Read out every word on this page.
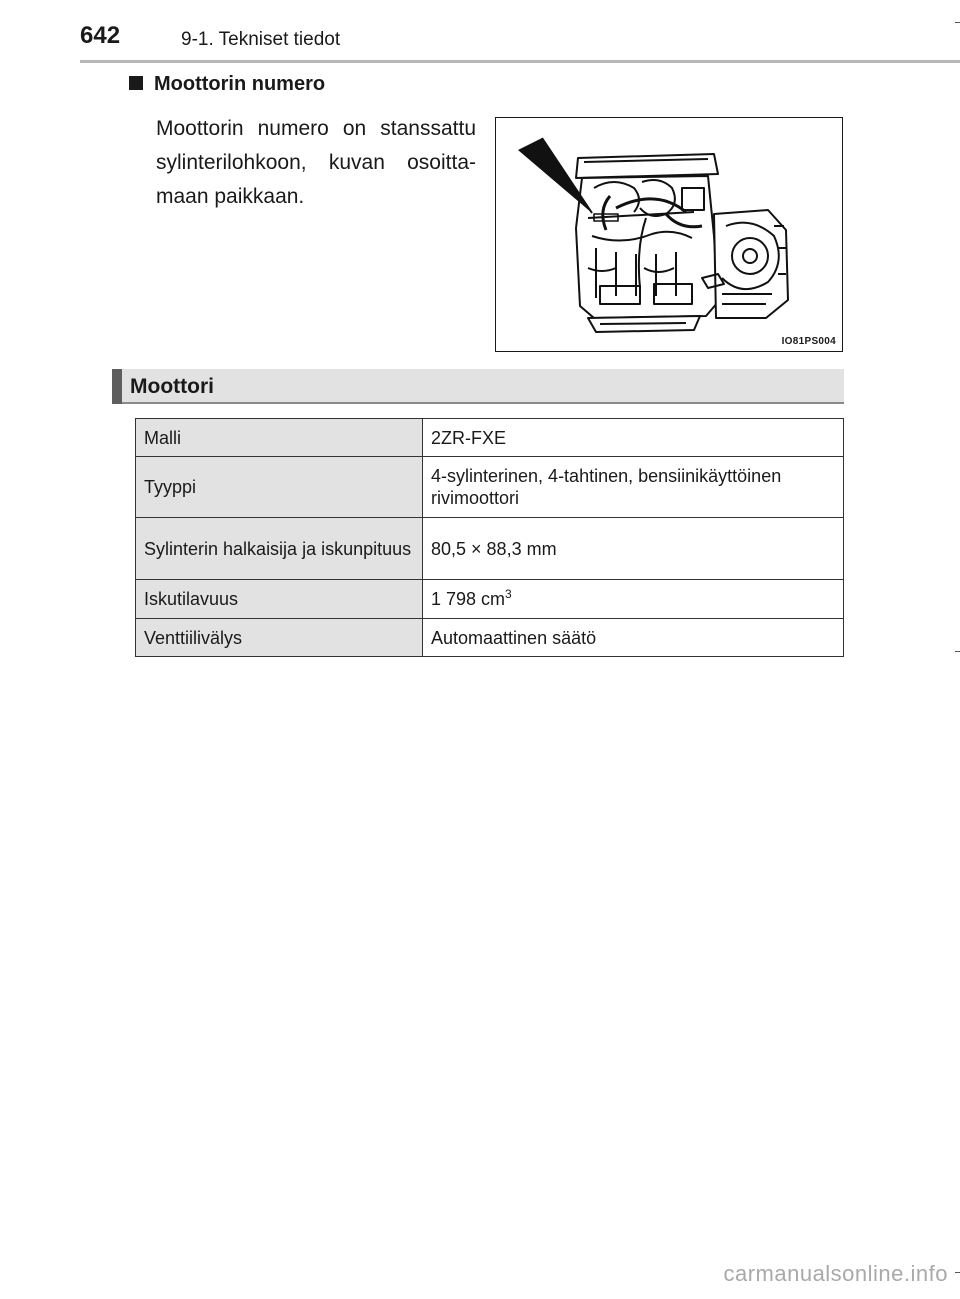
642	9-1. Tekniset tiedot
Moottorin numero
Moottorin numero on stanssattu sylinterilohkoon, kuvan osoitta-maan paikkaan.
IO81PS004
Moottori
Malli	2ZR-FXE
Tyyppi	4-sylinterinen, 4-tahtinen, bensiinikäyttöinen rivimoottori
Sylinterin halkaisija ja iskunpituus	80,5 × 88,3 mm
Iskutilavuus	1 798 $cm^3$
Venttiilivälys	Automaattinen säätö
carmanualsonline.info
